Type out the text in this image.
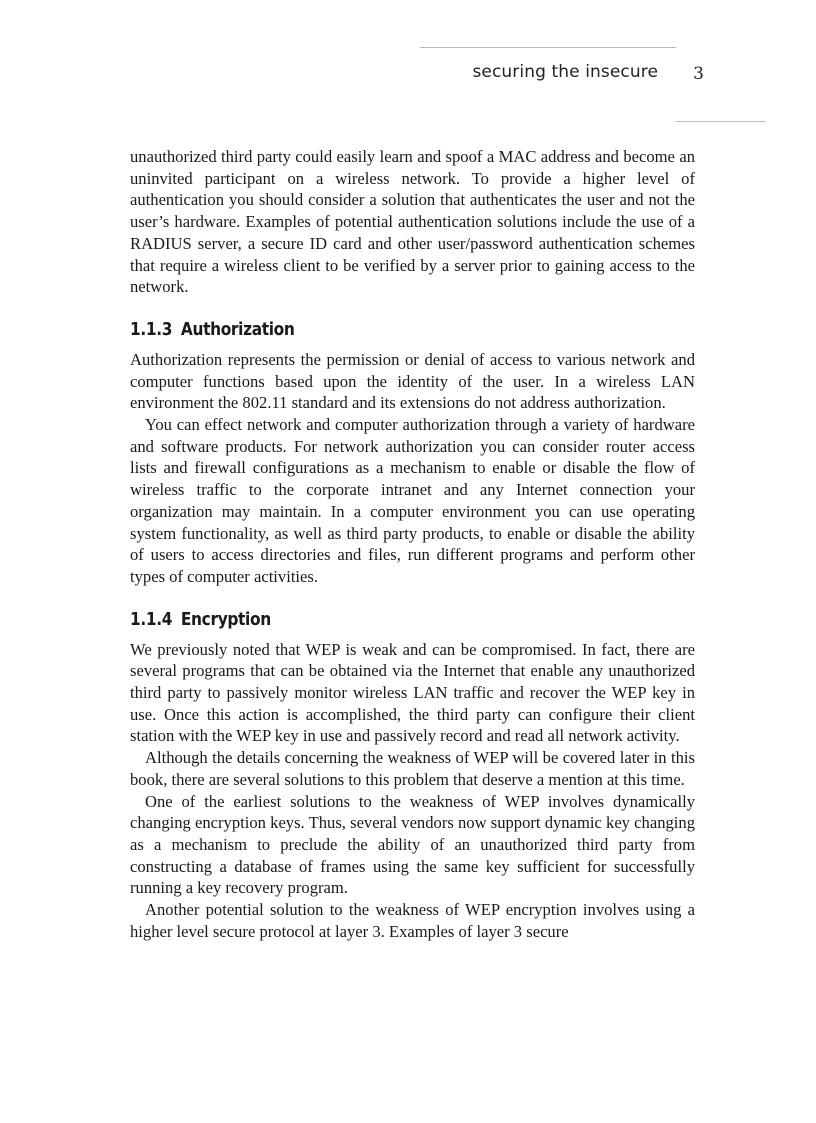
securing the insecure 3

unauthorized third party could easily learn and spoof a MAC address and become an uninvited participant on a wireless network. To provide a higher level of authentication you should consider a solution that authenticates the user and not the user’s hardware. Examples of potential authentication solutions include the use of a RADIUS server, a secure ID card and other user/password authentication schemes that require a wireless client to be verified by a server prior to gaining access to the network.

1.1.3 Authorization

Authorization represents the permission or denial of access to various network and computer functions based upon the identity of the user. In a wireless LAN environment the 802.11 standard and its extensions do not address authorization.

You can effect network and computer authorization through a variety of hardware and software products. For network authorization you can consider router access lists and firewall configurations as a mechanism to enable or disable the flow of wireless traffic to the corporate intranet and any Internet connection your organization may maintain. In a computer environment you can use operating system functionality, as well as third party products, to enable or disable the ability of users to access directories and files, run different programs and perform other types of computer activities.

1.1.4 Encryption

We previously noted that WEP is weak and can be compromised. In fact, there are several programs that can be obtained via the Internet that enable any unauthorized third party to passively monitor wireless LAN traffic and recover the WEP key in use. Once this action is accomplished, the third party can configure their client station with the WEP key in use and passively record and read all network activity.

Although the details concerning the weakness of WEP will be covered later in this book, there are several solutions to this problem that deserve a mention at this time.

One of the earliest solutions to the weakness of WEP involves dynamically changing encryption keys. Thus, several vendors now support dynamic key changing as a mechanism to preclude the ability of an unauthorized third party from constructing a database of frames using the same key sufficient for successfully running a key recovery program.

Another potential solution to the weakness of WEP encryption involves using a higher level secure protocol at layer 3. Examples of layer 3 secure
